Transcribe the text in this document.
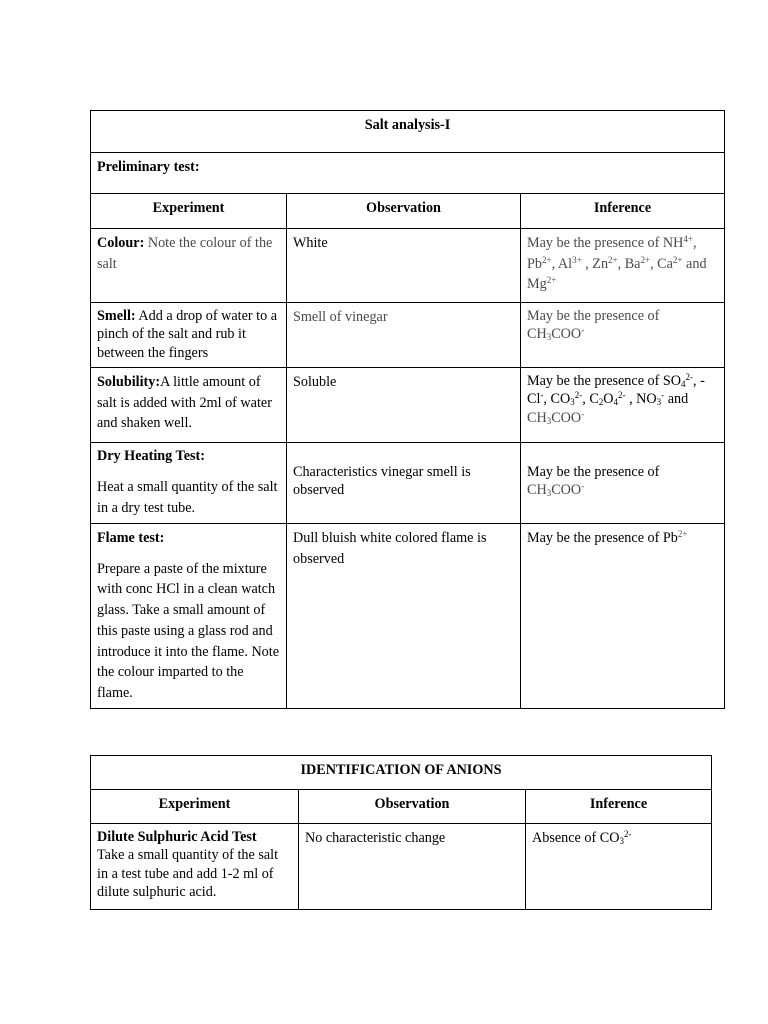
Salt analysis-I		
Preliminary test:		
Experiment	Observation	Inference
Colour: Note the colour of the salt	White	May be the presence of $NH^{4+}$, $Pb^{2+}$, $Al^{3+}$ , $Zn^{2+}$, $Ba^{2+}$, $Ca^{2+}$ and $Mg^{2+}$
Smell: Add a drop of water to a pinch of the salt and rub it between the fingers	Smell of vinegar	May be the presence of
$CH_3COO^-$
Solubility:A little amount of salt is added with 2ml of water and shaken well.	Soluble	May be the presence of $SO_4^{2-}$, -
Cl-, $CO_3^{2-}$, $C_2O_4^{2-}$ , $NO_3^-$ and
$CH_3COO^-$
Dry Heating Test:

Heat a small quantity of the salt in a dry test tube.	Characteristics vinegar smell is observed	May be the presence of
$CH_3COO^-$

Flame test:

Prepare a paste of the mixture with conc HCl in a clean watch glass. Take a small amount of this paste using a glass rod and introduce it into the flame. Note the colour imparted to the flame.	Dull bluish white colored flame is observed	May be the presence of $Pb^{2+}$
IDENTIFICATION OF ANIONS		
Experiment	Observation	Inference
Dilute Sulphuric Acid Test
Take a small quantity of the salt in a test tube and add 1-2 ml of dilute sulphuric acid.	No characteristic change	Absence of $CO_3^{2-}$
